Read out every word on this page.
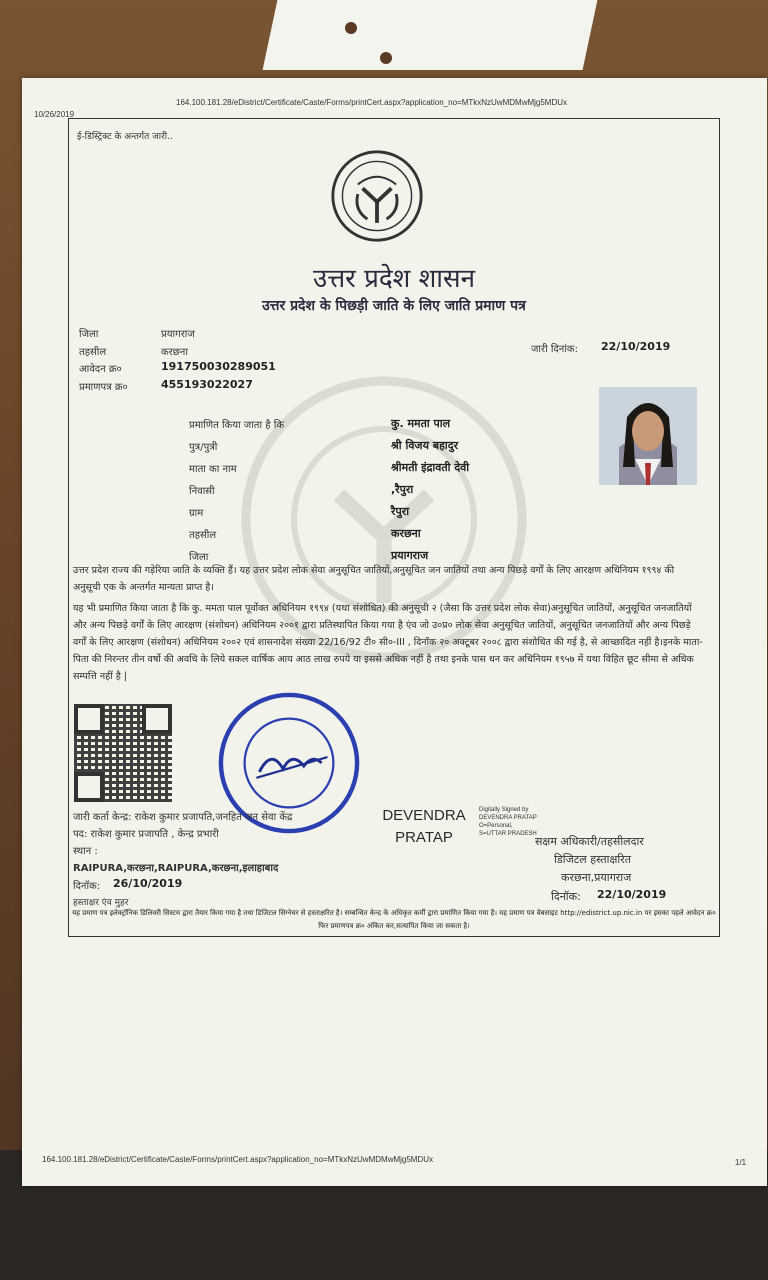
10/26/2019
164.100.181.28/eDistrict/Certificate/Caste/Forms/printCert.aspx?application_no=MTkxNzUwMDMwMjg5MDUx
ई-डिस्ट्रिक्ट के अन्तर्गत जारी..
उत्तर प्रदेश शासन
उत्तर प्रदेश के पिछड़ी जाति के लिए जाति प्रमाण पत्र
जिला	प्रयागराज
तहसील	करछना
आवेदन क्र०	191750030289051
प्रमाणपत्र क्र०	455193022027
जारी दिनांक: 22/10/2019
प्रमाणित किया जाता है कि	कु. ममता पाल
पुत्र/पुत्री	श्री विजय बहादुर
माता का नाम	श्रीमती इंद्रावती देवी
निवासी	,रैपुरा
ग्राम	रैपुरा
तहसील	करछना
जिला	प्रयागराज
उत्तर प्रदेश राज्य की गड़ेरिया जाति के व्यक्ति हैं। यह उत्तर प्रदेश लोक सेवा अनुसूचित जातियों,अनुसूचित जन जातियों तथा अन्य पिछड़े वर्गों के लिए आरक्षण अधिनियम १९९४ की अनुसूची एक के अन्तर्गत मान्यता प्राप्त है।
यह भी प्रमाणित किया जाता है कि कु. ममता पाल पूर्वोक्त अधिनियम १९९४ (यथा संशोधित) की अनुसूची २ (जैसा कि उत्तर प्रदेश लोक सेवा)अनुसूचित जातियों, अनुसूचित जनजातियों और अन्य पिछड़े वर्गों के लिए आरक्षण (संशोधन) अधिनियम २००१ द्वारा प्रतिस्थापित किया गया है एंव जो उ०प्र० लोक सेवा अनुसूचित जातियों, अनुसूचित जनजातियों और अन्य पिछड़े वर्गों के लिए आरक्षण (संशोधन) अधिनियम २००२ एवं शासनादेश संख्या 22/16/92 टी० सी०-III , दिनॉक २० अक्टूबर २००८ द्वारा संशोधित की गई है, से आच्छादित नहीं है।इनके माता-पिता की निरन्तर तीन वर्षो की अवधि के लिये सकल वार्षिक आय आठ लाख रुपये या इससे अधिक नहीं है तथा इनके पास धन कर अधिनियम १९५७ में यथा विहित छूट सीमा से अधिक सम्पत्ति नहीं है |
जारी कर्ता केन्द्र: राकेश कुमार प्रजापति,जनहित जन सेवा केंद्र
पद: राकेश कुमार प्रजापति , केन्द्र प्रभारी
स्थान :
RAIPURA,करछना,RAIPURA,करछना,इलाहाबाद
दिनॉक: 26/10/2019
हस्ताक्षर एंव मुहर
DEVENDRA PRATAP
Digitally Signed by DEVENDRA PRATAP O=Personal, S=UTTAR PRADESH
सक्षम अधिकारी/तहसीलदार
डिजिटल हस्ताक्षरित
करछना,प्रयागराज
दिनॉक: 22/10/2019
यह प्रमाण पत्र इलेक्ट्रॉनिक डिलिवरी सिस्टम द्वारा तैयार किया गया है तथा डिजिटल सिग्नेचर से हस्ताक्षरित है। सम्बन्धित केन्द्र के अधिकृत कर्मी द्वारा प्रमाणित किया गया है। यह प्रमाण पत्र वेबसाइट http://edistrict.up.nic.in पर इसका पहले आवेदन क्र० फिर प्रमाणपत्र क्र० अंकित कर,सत्यापित किया जा सकता है।
164.100.181.28/eDistrict/Certificate/Caste/Forms/printCert.aspx?application_no=MTkxNzUwMDMwMjg5MDUx	1/1
